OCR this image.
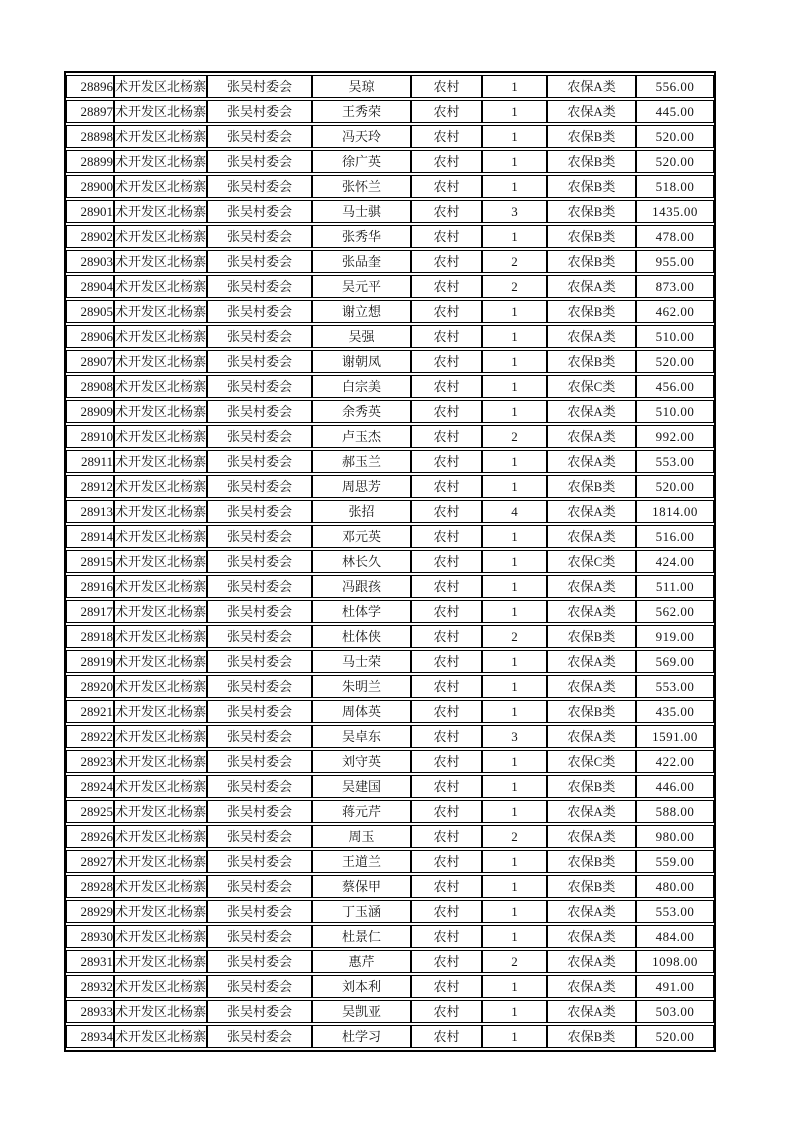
28896	术开发区北杨寨	张吴村委会	吴琼	农村	1	农保A类	556.00
28897	术开发区北杨寨	张吴村委会	王秀荣	农村	1	农保A类	445.00
28898	术开发区北杨寨	张吴村委会	冯天玲	农村	1	农保B类	520.00
28899	术开发区北杨寨	张吴村委会	徐广英	农村	1	农保B类	520.00
28900	术开发区北杨寨	张吴村委会	张怀兰	农村	1	农保B类	518.00
28901	术开发区北杨寨	张吴村委会	马士骐	农村	3	农保B类	1435.00
28902	术开发区北杨寨	张吴村委会	张秀华	农村	1	农保B类	478.00
28903	术开发区北杨寨	张吴村委会	张品奎	农村	2	农保B类	955.00
28904	术开发区北杨寨	张吴村委会	吴元平	农村	2	农保A类	873.00
28905	术开发区北杨寨	张吴村委会	谢立想	农村	1	农保B类	462.00
28906	术开发区北杨寨	张吴村委会	吴强	农村	1	农保A类	510.00
28907	术开发区北杨寨	张吴村委会	谢朝凤	农村	1	农保B类	520.00
28908	术开发区北杨寨	张吴村委会	白宗美	农村	1	农保C类	456.00
28909	术开发区北杨寨	张吴村委会	余秀英	农村	1	农保A类	510.00
28910	术开发区北杨寨	张吴村委会	卢玉杰	农村	2	农保A类	992.00
28911	术开发区北杨寨	张吴村委会	郝玉兰	农村	1	农保A类	553.00
28912	术开发区北杨寨	张吴村委会	周思芳	农村	1	农保B类	520.00
28913	术开发区北杨寨	张吴村委会	张招	农村	4	农保A类	1814.00
28914	术开发区北杨寨	张吴村委会	邓元英	农村	1	农保A类	516.00
28915	术开发区北杨寨	张吴村委会	林长久	农村	1	农保C类	424.00
28916	术开发区北杨寨	张吴村委会	冯跟孩	农村	1	农保A类	511.00
28917	术开发区北杨寨	张吴村委会	杜体学	农村	1	农保A类	562.00
28918	术开发区北杨寨	张吴村委会	杜体侠	农村	2	农保B类	919.00
28919	术开发区北杨寨	张吴村委会	马士荣	农村	1	农保A类	569.00
28920	术开发区北杨寨	张吴村委会	朱明兰	农村	1	农保A类	553.00
28921	术开发区北杨寨	张吴村委会	周体英	农村	1	农保B类	435.00
28922	术开发区北杨寨	张吴村委会	吴卓东	农村	3	农保A类	1591.00
28923	术开发区北杨寨	张吴村委会	刘守英	农村	1	农保C类	422.00
28924	术开发区北杨寨	张吴村委会	吴建国	农村	1	农保B类	446.00
28925	术开发区北杨寨	张吴村委会	蒋元芹	农村	1	农保A类	588.00
28926	术开发区北杨寨	张吴村委会	周玉	农村	2	农保A类	980.00
28927	术开发区北杨寨	张吴村委会	王道兰	农村	1	农保B类	559.00
28928	术开发区北杨寨	张吴村委会	蔡保甲	农村	1	农保B类	480.00
28929	术开发区北杨寨	张吴村委会	丁玉涵	农村	1	农保A类	553.00
28930	术开发区北杨寨	张吴村委会	杜景仁	农村	1	农保A类	484.00
28931	术开发区北杨寨	张吴村委会	惠芹	农村	2	农保A类	1098.00
28932	术开发区北杨寨	张吴村委会	刘本利	农村	1	农保A类	491.00
28933	术开发区北杨寨	张吴村委会	吴凯亚	农村	1	农保A类	503.00
28934	术开发区北杨寨	张吴村委会	杜学习	农村	1	农保B类	520.00
